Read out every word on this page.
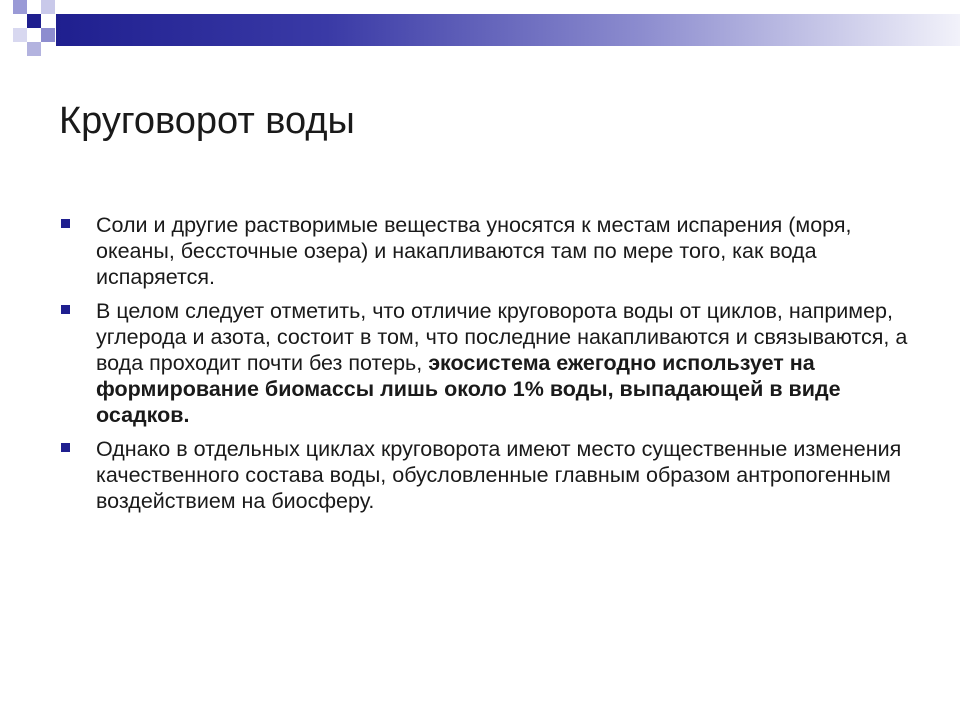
Круговорот воды
Соли и другие растворимые вещества уносятся к местам испарения (моря, океаны, бессточные озера) и накапливаются там по мере того, как вода испаряется.
В целом следует отметить, что отличие круговорота воды от циклов, например, углерода и азота, состоит в том, что последние накапливаются и связываются, а вода проходит почти без потерь, экосистема ежегодно использует на формирование биомассы лишь около 1% воды, выпадающей в виде осадков.
Однако в отдельных циклах круговорота имеют место существенные изменения качественного состава воды, обусловленные главным образом антропогенным воздействием на биосферу.
